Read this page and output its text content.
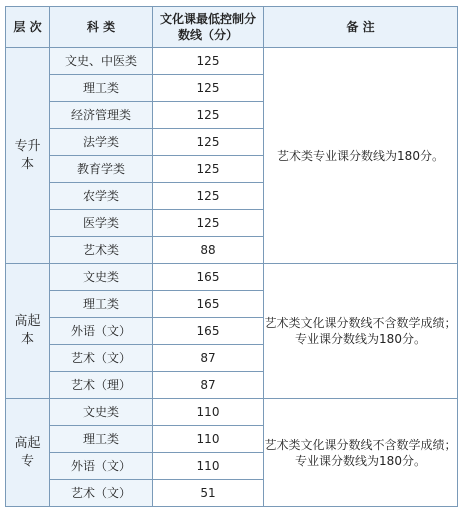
层 次	科 类	文化课最低控制分数线（分）	备 注
专升本	文史、中医类	125	艺术类专业课分数线为180分。
	理工类	125	
	经济管理类	125	
	法学类	125	
	教育学类	125	
	农学类	125	
	医学类	125	
	艺术类	88	
高起本	文史类	165	艺术类文化课分数线不含数学成绩；专业课分数线为180分。
	理工类	165	
	外语（文）	165	
	艺术（文）	87	
	艺术（理）	87	
高起专	文史类	110	艺术类文化课分数线不含数学成绩；专业课分数线为180分。
	理工类	110	
	外语（文）	110	
	艺术（文）	51	
